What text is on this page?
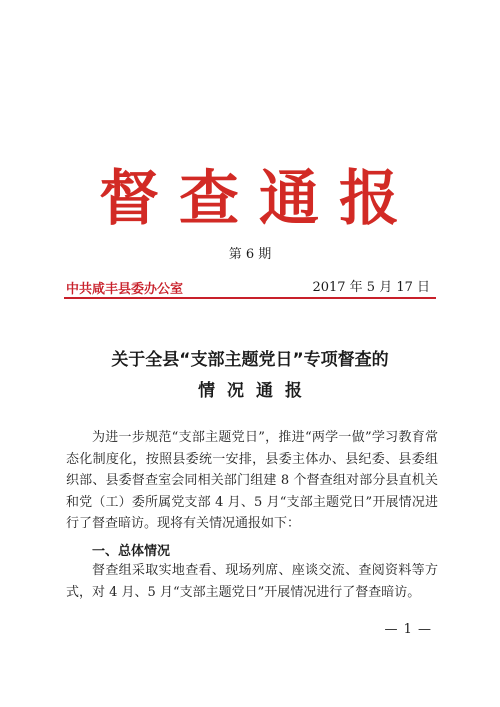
督查通报
第 6 期
中共咸丰县委办公室	2017 年 5 月 17 日
关于全县“支部主题党日”专项督查的
情况通报
为进一步规范“支部主题党日”，推进“两学一做”学习教育常态化制度化，按照县委统一安排，县委主体办、县纪委、县委组织部、县委督查室会同相关部门组建 8 个督查组对部分县直机关和党（工）委所属党支部 4 月、5 月“支部主题党日”开展情况进行了督查暗访。现将有关情况通报如下：
一、总体情况
督查组采取实地查看、现场列席、座谈交流、查阅资料等方式，对 4 月、5 月“支部主题党日”开展情况进行了督查暗访。
— 1 —
